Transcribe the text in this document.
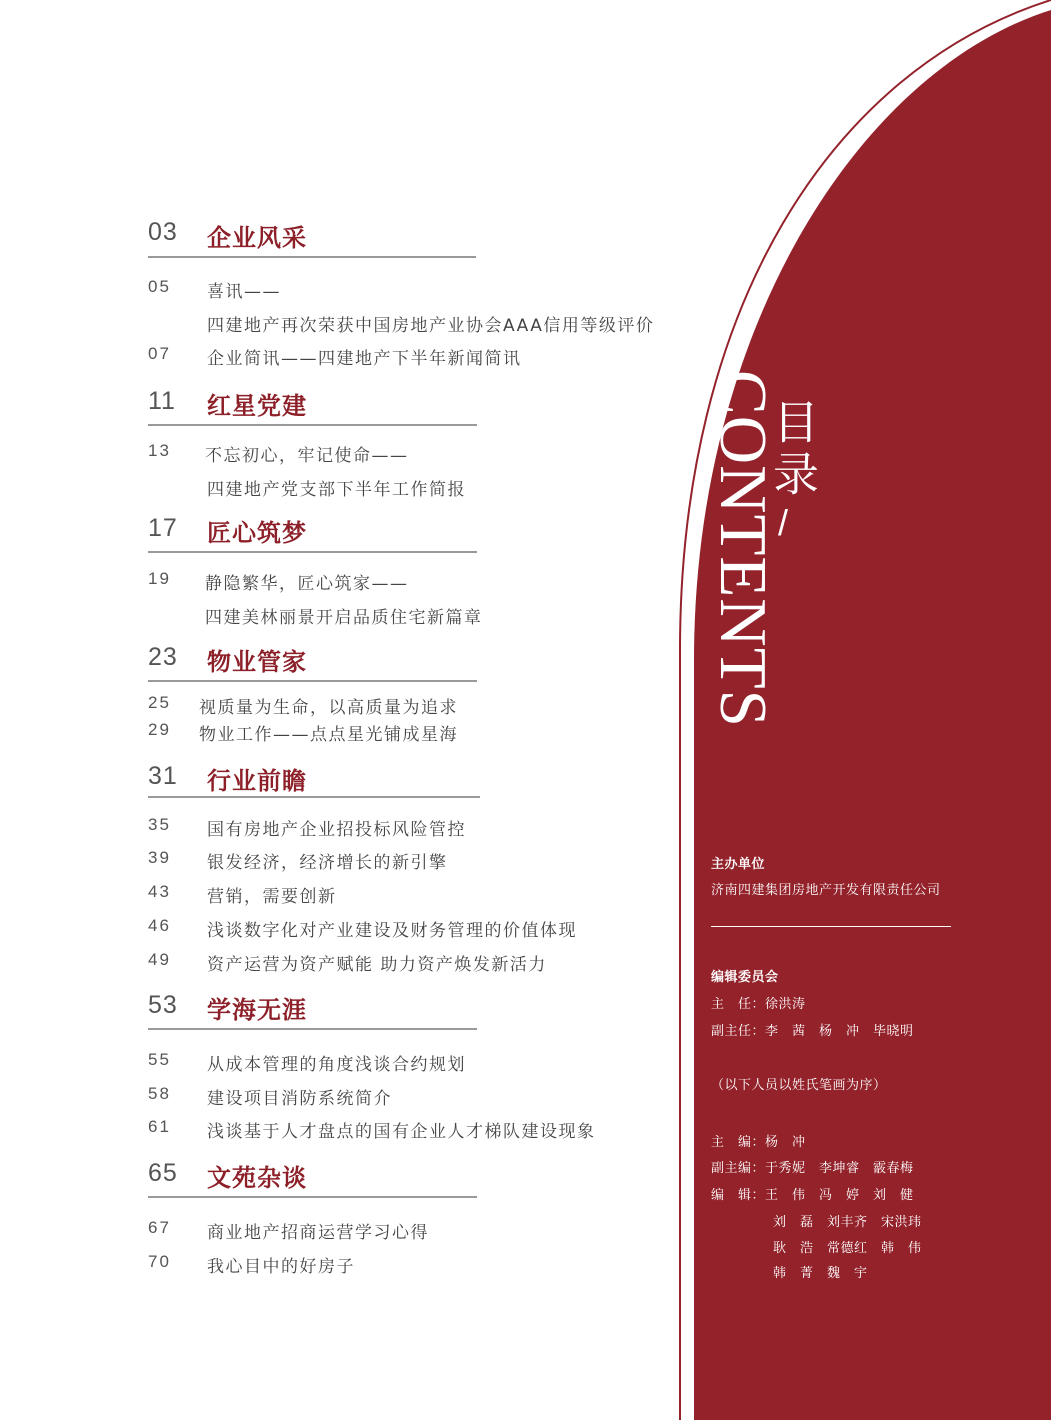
03 企业风采
05 喜讯——
四建地产再次荣获中国房地产业协会AAA信用等级评价
07 企业简讯——四建地产下半年新闻简讯
11 红星党建
13 不忘初心，牢记使命——
四建地产党支部下半年工作简报
17 匠心筑梦
19 静隐繁华，匠心筑家——
四建美林丽景开启品质住宅新篇章
23 物业管家
25 视质量为生命，以高质量为追求
29 物业工作——点点星光铺成星海
31 行业前瞻
35 国有房地产企业招投标风险管控
39 银发经济，经济增长的新引擎
43 营销，需要创新
46 浅谈数字化对产业建设及财务管理的价值体现
49 资产运营为资产赋能 助力资产焕发新活力
53 学海无涯
55 从成本管理的角度浅谈合约规划
58 建设项目消防系统简介
61 浅谈基于人才盘点的国有企业人才梯队建设现象
65 文苑杂谈
67 商业地产招商运营学习心得
70 我心目中的好房子
CONTENTS
目录
/
主办单位
济南四建集团房地产开发有限责任公司
编辑委员会
主　任：徐洪涛
副主任：李　茜　杨　冲　毕晓明
（以下人员以姓氏笔画为序）
主　编：杨　冲
副主编：于秀妮　李坤睿　霰春梅
编　辑：王　伟　冯　婷　刘　健
刘　磊　刘丰齐　宋洪玮
耿　浩　常德红　韩　伟
韩　菁　魏　宇
